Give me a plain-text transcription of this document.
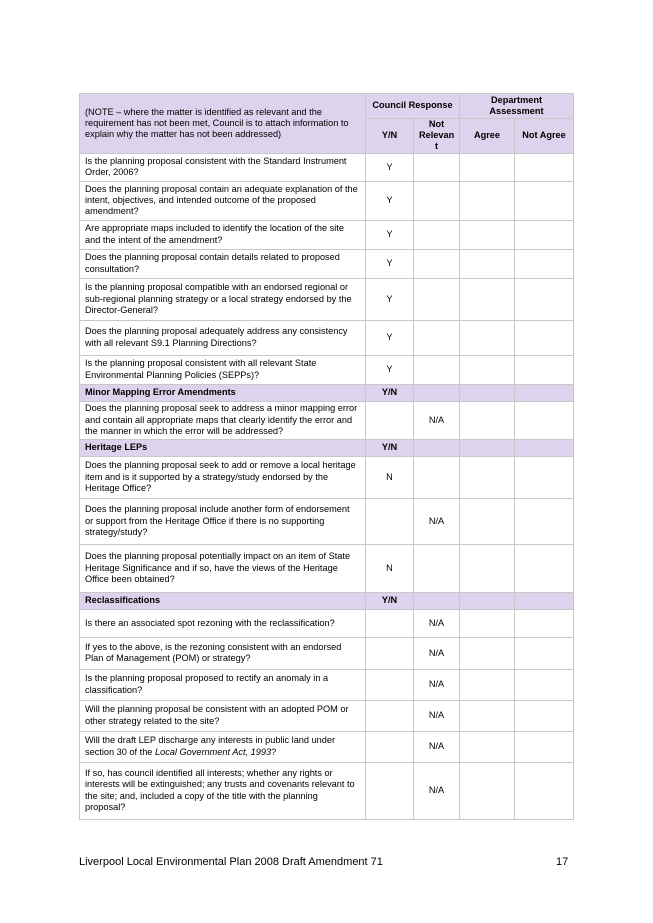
(NOTE – where the matter is identified as relevant and the requirement has not been met, Council is to attach information to explain why the matter has not been addressed)	Council Response		Department Assessment	
	Y/N	Not Relevan t	Agree	Not Agree
Is the planning proposal consistent with the Standard Instrument Order, 2006?	Y			
Does the planning proposal contain an adequate explanation of the intent, objectives, and intended outcome of the proposed amendment?	Y			
Are appropriate maps included to identify the location of the site and the intent of the amendment?	Y			
Does the planning proposal contain details related to proposed consultation?	Y			
Is the planning proposal compatible with an endorsed regional or sub-regional planning strategy or a local strategy endorsed by the Director-General?	Y			
Does the planning proposal adequately address any consistency with all relevant S9.1 Planning Directions?	Y			
Is the planning proposal consistent with all relevant State Environmental Planning Policies (SEPPs)?	Y			
Minor Mapping Error Amendments	Y/N			
Does the planning proposal seek to address a minor mapping error and contain all appropriate maps that clearly identify the error and the manner in which the error will be addressed?		N/A		
Heritage LEPs	Y/N			
Does the planning proposal seek to add or remove a local heritage item and is it supported by a strategy/study endorsed by the Heritage Office?	N			
Does the planning proposal include another form of endorsement or support from the Heritage Office if there is no supporting strategy/study?		N/A		
Does the planning proposal potentially impact on an item of State Heritage Significance and if so, have the views of the Heritage Office been obtained?	N			
Reclassifications	Y/N			
Is there an associated spot rezoning with the reclassification?		N/A		
If yes to the above, is the rezoning consistent with an endorsed Plan of Management (POM) or strategy?		N/A		
Is the planning proposal proposed to rectify an anomaly in a classification?		N/A		
Will the planning proposal be consistent with an adopted POM or other strategy related to the site?		N/A		
Will the draft LEP discharge any interests in public land under section 30 of the Local Government Act, 1993?		N/A		
If so, has council identified all interests; whether any rights or interests will be extinguished; any trusts and covenants relevant to the site; and, included a copy of the title with the planning proposal?		N/A		
Liverpool Local Environmental Plan 2008 Draft Amendment 71	17
